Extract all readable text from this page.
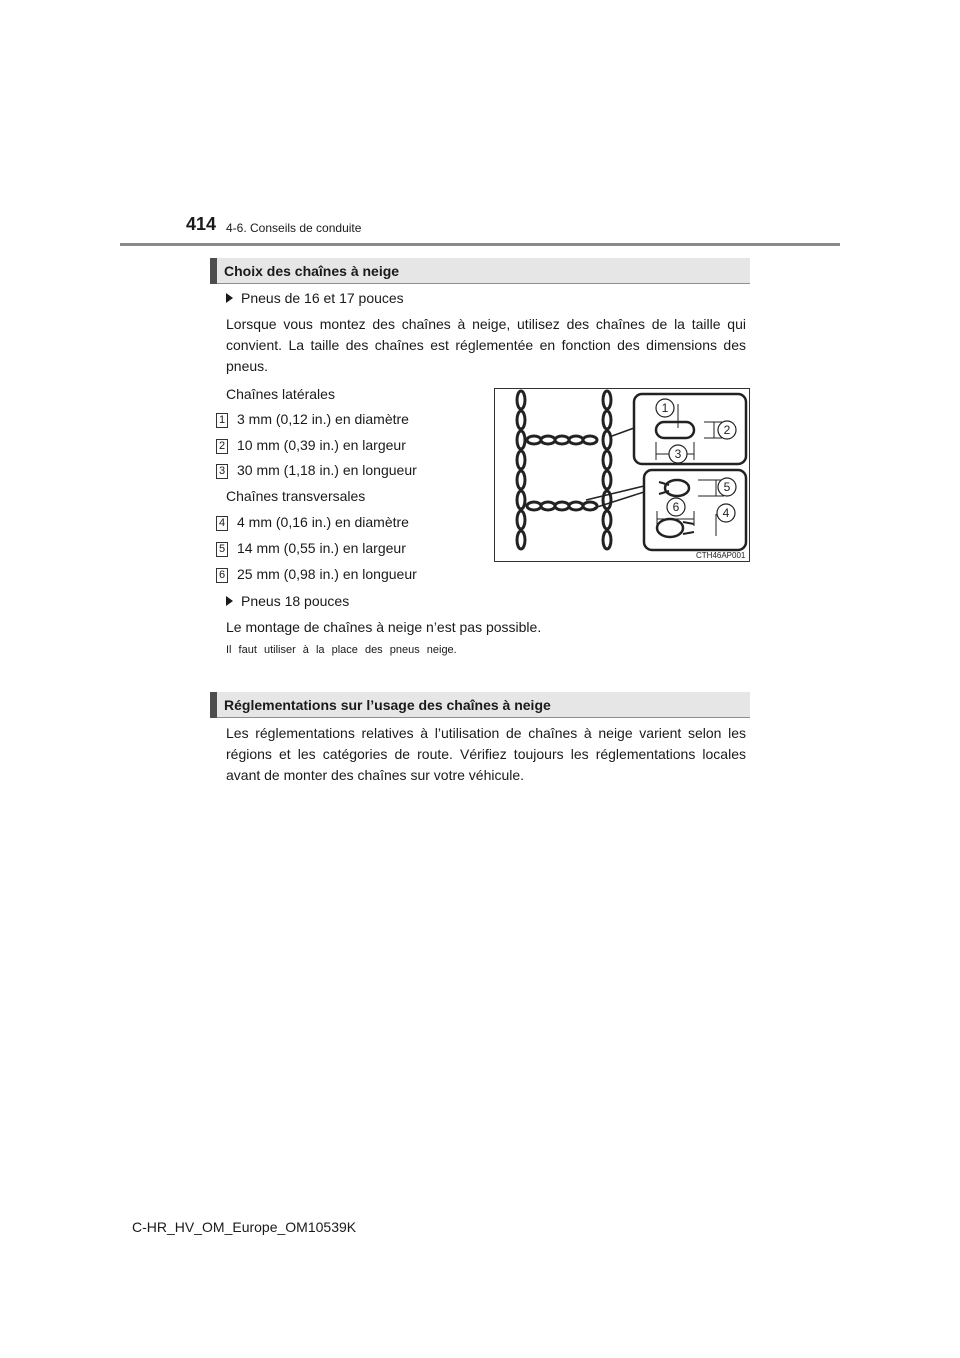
414 4-6. Conseils de conduite
Choix des chaînes à neige
Pneus de 16 et 17 pouces
Lorsque vous montez des chaînes à neige, utilisez des chaînes de la taille qui convient. La taille des chaînes est réglementée en fonction des dimensions des pneus.
Chaînes latérales
1 3 mm (0,12 in.) en diamètre
2 10 mm (0,39 in.) en largeur
3 30 mm (1,18 in.) en longueur
Chaînes transversales
4 4 mm (0,16 in.) en diamètre
5 14 mm (0,55 in.) en largeur
6 25 mm (0,98 in.) en longueur
Pneus 18 pouces
Le montage de chaînes à neige n’est pas possible.
Il faut utiliser à la place des pneus neige.
1
2
3
4
5
6
CTH46AP001
Réglementations sur l’usage des chaînes à neige
Les réglementations relatives à l’utilisation de chaînes à neige varient selon les régions et les catégories de route. Vérifiez toujours les réglementations locales avant de monter des chaînes sur votre véhicule.
C-HR_HV_OM_Europe_OM10539K
